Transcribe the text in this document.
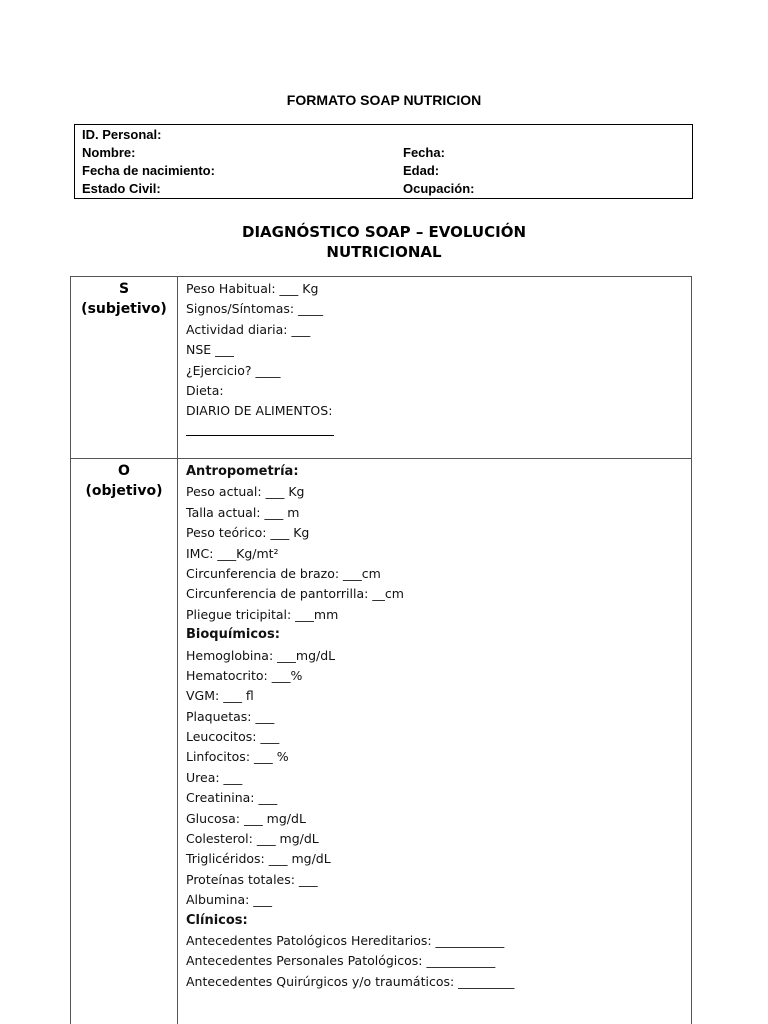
FORMATO SOAP NUTRICION
ID. Personal:
Nombre:
Fecha de nacimiento:
Estado Civil:
Fecha:
Edad:
Ocupación:
DIAGNÓSTICO SOAP – EVOLUCIÓN
NUTRICIONAL
S
(subjetivo)
Peso Habitual: ___ Kg
Signos/Síntomas: ____
Actividad diaria: ___
NSE ___
¿Ejercicio? ____
Dieta:
DIARIO DE ALIMENTOS:
O
(objetivo)
Antropometría:
Peso actual: ___ Kg
Talla actual: ___ m
Peso teórico: ___ Kg
IMC: ___Kg/mt²
Circunferencia de brazo: ___cm
Circunferencia de pantorrilla: __cm
Pliegue tricipital: ___mm
Bioquímicos:
Hemoglobina: ___mg/dL
Hematocrito: ___%
VGM: ___ fl
Plaquetas: ___
Leucocitos: ___
Linfocitos: ___ %
Urea: ___
Creatinina: ___
Glucosa: ___ mg/dL
Colesterol: ___ mg/dL
Triglicéridos: ___ mg/dL
Proteínas totales: ___
Albumina: ___
Clínicos:
Antecedentes Patológicos Hereditarios: ___________
Antecedentes Personales Patológicos: ___________
Antecedentes Quirúrgicos y/o traumáticos: _________
